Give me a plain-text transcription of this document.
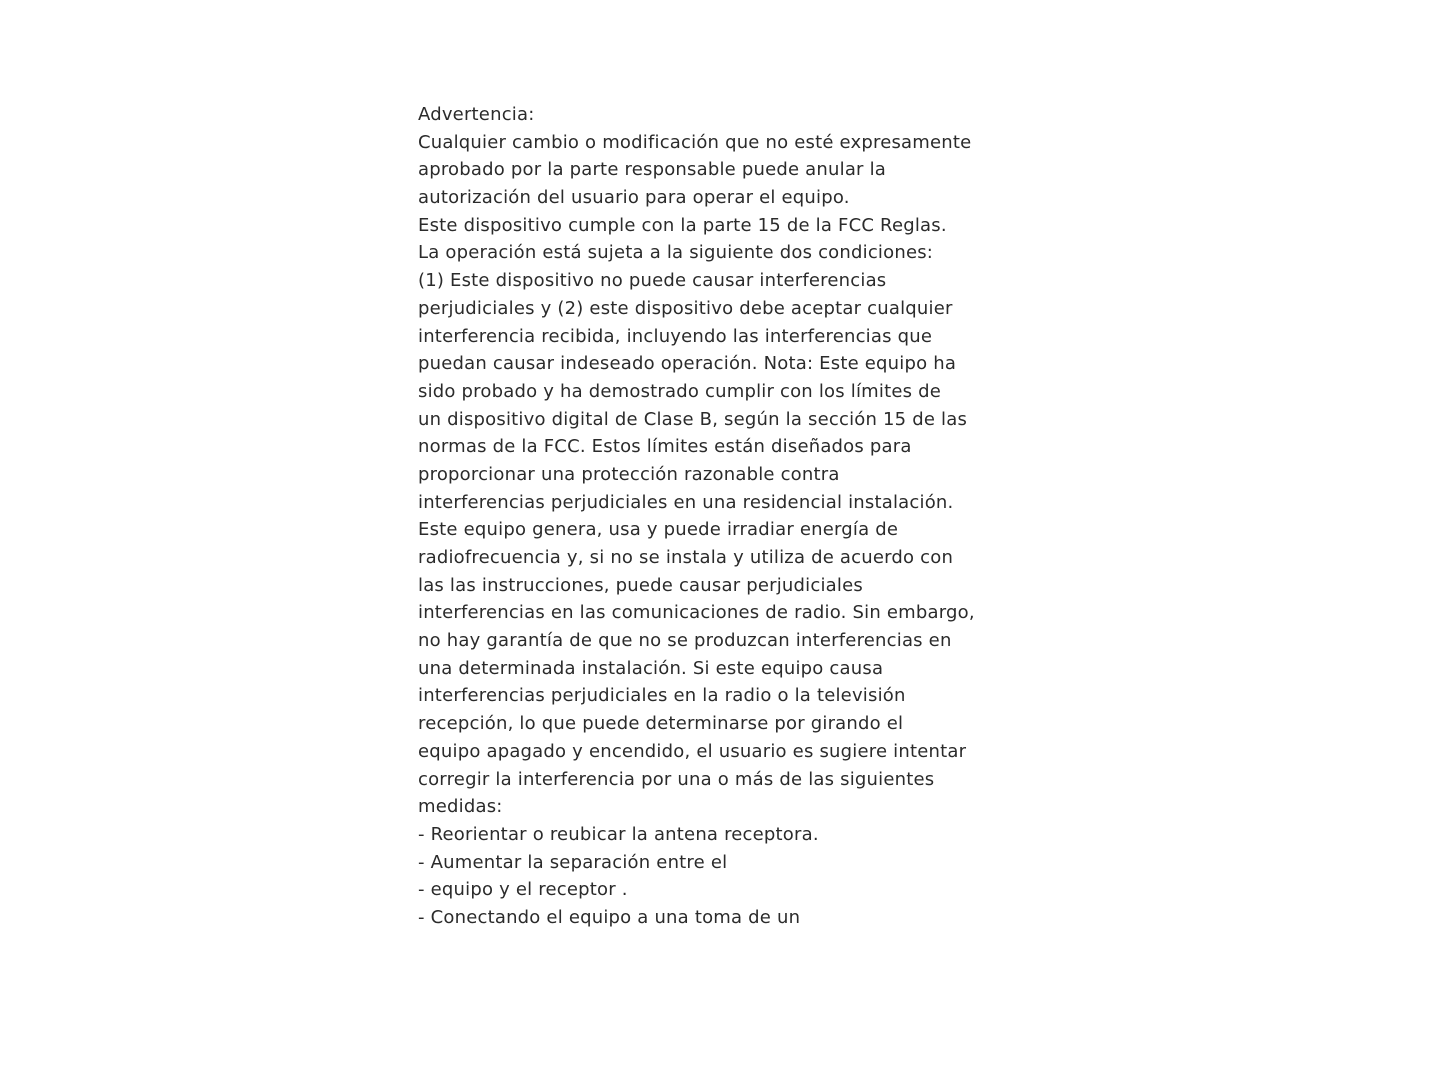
Advertencia:
Cualquier cambio o modificación que no esté expresamente
aprobado por la parte responsable puede anular la
autorización del usuario para operar el equipo.
Este dispositivo cumple con la parte 15 de la FCC Reglas.
La operación está sujeta a la siguiente dos condiciones:
(1) Este dispositivo no puede causar interferencias
perjudiciales y (2) este dispositivo debe aceptar cualquier
interferencia recibida, incluyendo las interferencias que
puedan causar indeseado operación. Nota: Este equipo ha
sido probado y ha demostrado cumplir con los límites de
un dispositivo digital de Clase B, según la sección 15 de las
normas de la FCC. Estos límites están diseñados para
proporcionar una protección razonable contra
interferencias perjudiciales en una residencial instalación.
Este equipo genera, usa y puede irradiar energía de
radiofrecuencia y, si no se instala y utiliza de acuerdo con
las las instrucciones, puede causar perjudiciales
interferencias en las comunicaciones de radio. Sin embargo,
no hay garantía de que no se produzcan interferencias en
una determinada instalación. Si este equipo causa
interferencias perjudiciales en la radio o la televisión
recepción, lo que puede determinarse por girando el
equipo apagado y encendido, el usuario es sugiere intentar
corregir la interferencia por una o más de las siguientes
medidas:
- Reorientar o reubicar la antena receptora.
- Aumentar la separación entre el
- equipo y el receptor .
- Conectando el equipo a una toma de un
